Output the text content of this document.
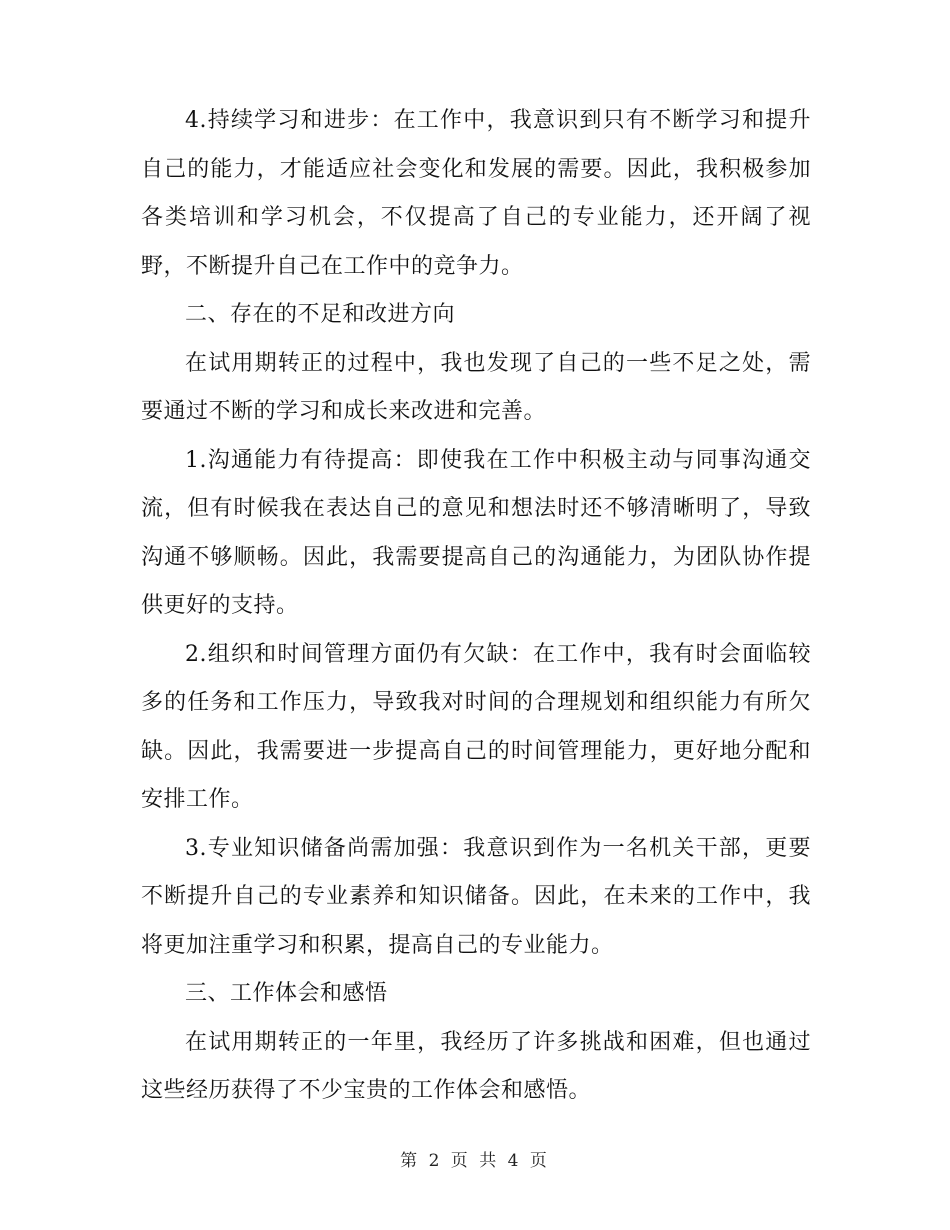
4.持续学习和进步：在工作中，我意识到只有不断学习和提升自己的能力，才能适应社会变化和发展的需要。因此，我积极参加各类培训和学习机会，不仅提高了自己的专业能力，还开阔了视野，不断提升自己在工作中的竞争力。

二、存在的不足和改进方向

在试用期转正的过程中，我也发现了自己的一些不足之处，需要通过不断的学习和成长来改进和完善。

1.沟通能力有待提高：即使我在工作中积极主动与同事沟通交流，但有时候我在表达自己的意见和想法时还不够清晰明了，导致沟通不够顺畅。因此，我需要提高自己的沟通能力，为团队协作提供更好的支持。

2.组织和时间管理方面仍有欠缺：在工作中，我有时会面临较多的任务和工作压力，导致我对时间的合理规划和组织能力有所欠缺。因此，我需要进一步提高自己的时间管理能力，更好地分配和安排工作。

3.专业知识储备尚需加强：我意识到作为一名机关干部，更要不断提升自己的专业素养和知识储备。因此，在未来的工作中，我将更加注重学习和积累，提高自己的专业能力。

三、工作体会和感悟

在试用期转正的一年里，我经历了许多挑战和困难，但也通过这些经历获得了不少宝贵的工作体会和感悟。

第 2 页 共 4 页
